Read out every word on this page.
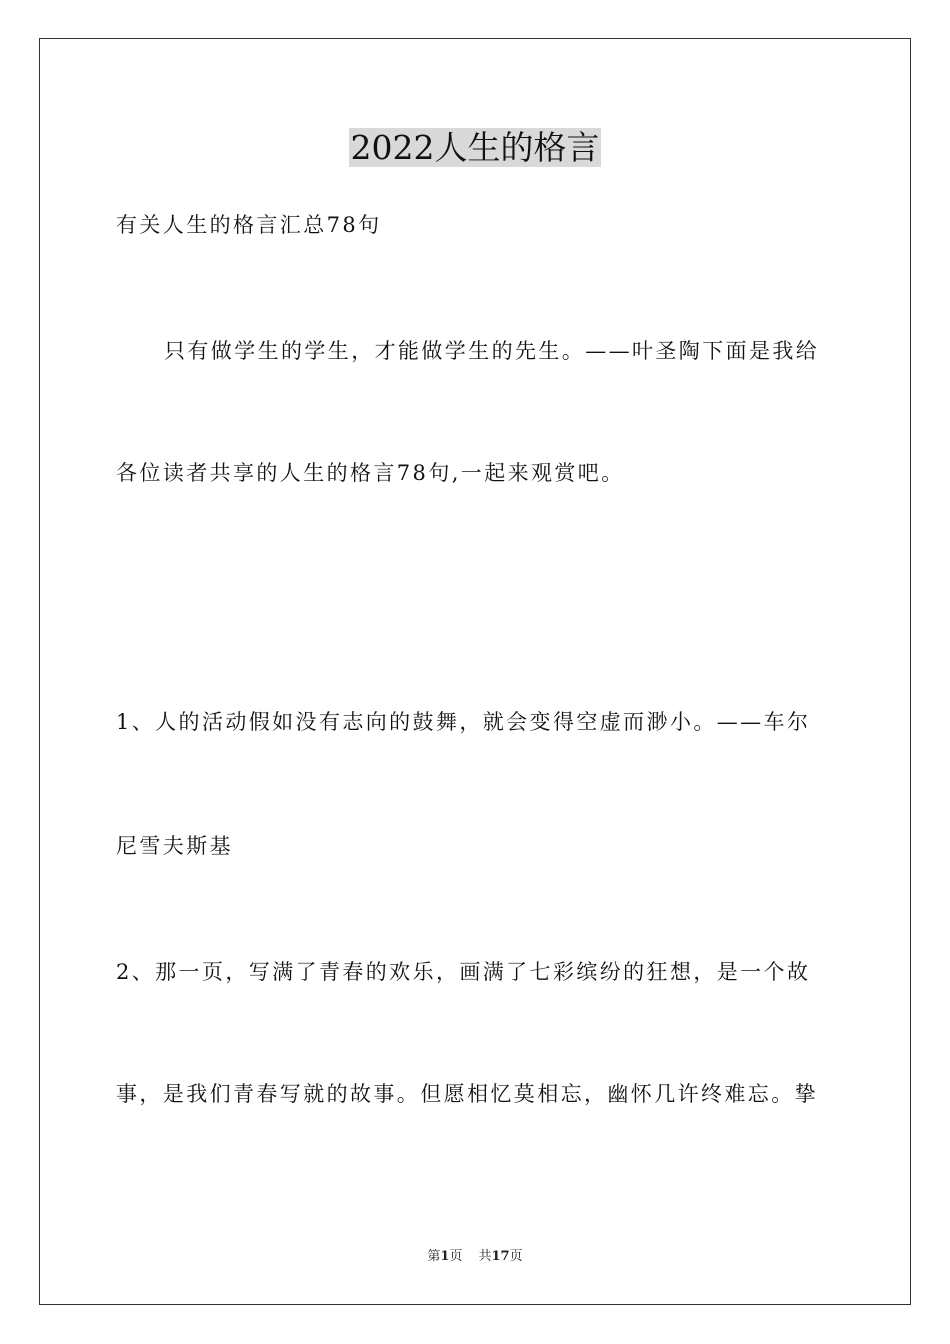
2022人生的格言
有关人生的格言汇总78句
只有做学生的学生，才能做学生的先生。——叶圣陶下面是我给
各位读者共享的人生的格言78句,一起来观赏吧。
1、人的活动假如没有志向的鼓舞，就会变得空虚而渺小。——车尔
尼雪夫斯基
2、那一页，写满了青春的欢乐，画满了七彩缤纷的狂想，是一个故
事，是我们青春写就的故事。但愿相忆莫相忘，幽怀几许终难忘。挚
第1页 共17页
